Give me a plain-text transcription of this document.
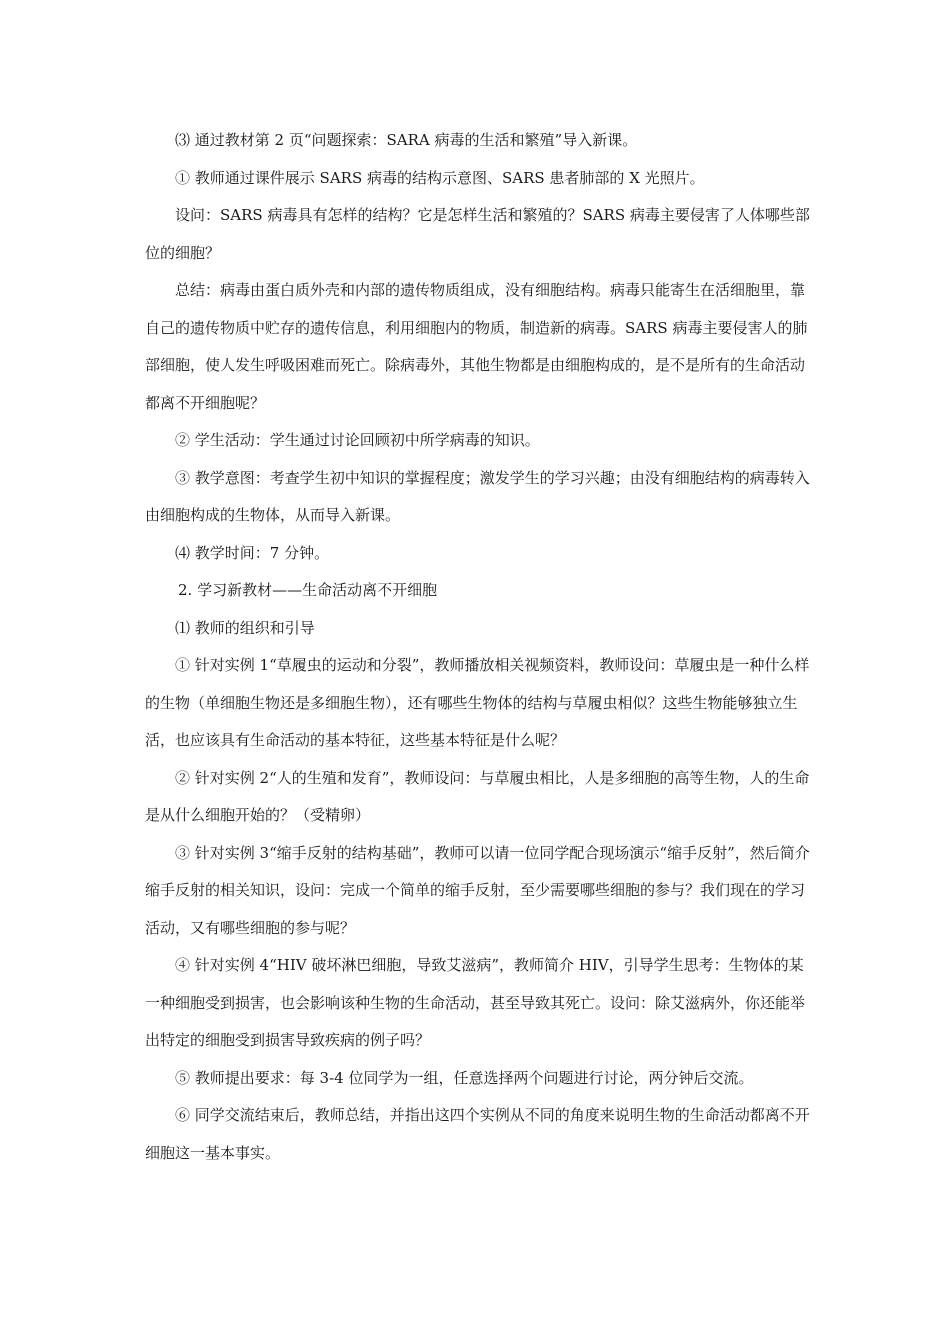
⑶ 通过教材第 2 页“问题探索：SARA 病毒的生活和繁殖”导入新课。

① 教师通过课件展示 SARS 病毒的结构示意图、SARS 患者肺部的 X 光照片。

设问：SARS 病毒具有怎样的结构？它是怎样生活和繁殖的？SARS 病毒主要侵害了人体哪些部位的细胞？

总结：病毒由蛋白质外壳和内部的遗传物质组成，没有细胞结构。病毒只能寄生在活细胞里，靠自己的遗传物质中贮存的遗传信息，利用细胞内的物质，制造新的病毒。SARS 病毒主要侵害人的肺部细胞，使人发生呼吸困难而死亡。除病毒外，其他生物都是由细胞构成的，是不是所有的生命活动都离不开细胞呢？

② 学生活动：学生通过讨论回顾初中所学病毒的知识。

③ 教学意图：考查学生初中知识的掌握程度；激发学生的学习兴趣；由没有细胞结构的病毒转入由细胞构成的生物体，从而导入新课。

⑷ 教学时间：7 分钟。

2. 学习新教材——生命活动离不开细胞

⑴ 教师的组织和引导

① 针对实例 1“草履虫的运动和分裂”，教师播放相关视频资料，教师设问：草履虫是一种什么样的生物（单细胞生物还是多细胞生物），还有哪些生物体的结构与草履虫相似？这些生物能够独立生活，也应该具有生命活动的基本特征，这些基本特征是什么呢？

② 针对实例 2“人的生殖和发育”，教师设问：与草履虫相比，人是多细胞的高等生物，人的生命是从什么细胞开始的？（受精卵）

③ 针对实例 3“缩手反射的结构基础”，教师可以请一位同学配合现场演示“缩手反射”，然后简介缩手反射的相关知识，设问：完成一个简单的缩手反射，至少需要哪些细胞的参与？我们现在的学习活动，又有哪些细胞的参与呢？

④ 针对实例 4“HIV 破坏淋巴细胞，导致艾滋病”，教师简介 HIV，引导学生思考：生物体的某一种细胞受到损害，也会影响该种生物的生命活动，甚至导致其死亡。设问：除艾滋病外，你还能举出特定的细胞受到损害导致疾病的例子吗？

⑤ 教师提出要求：每 3-4 位同学为一组，任意选择两个问题进行讨论，两分钟后交流。

⑥ 同学交流结束后，教师总结，并指出这四个实例从不同的角度来说明生物的生命活动都离不开细胞这一基本事实。
